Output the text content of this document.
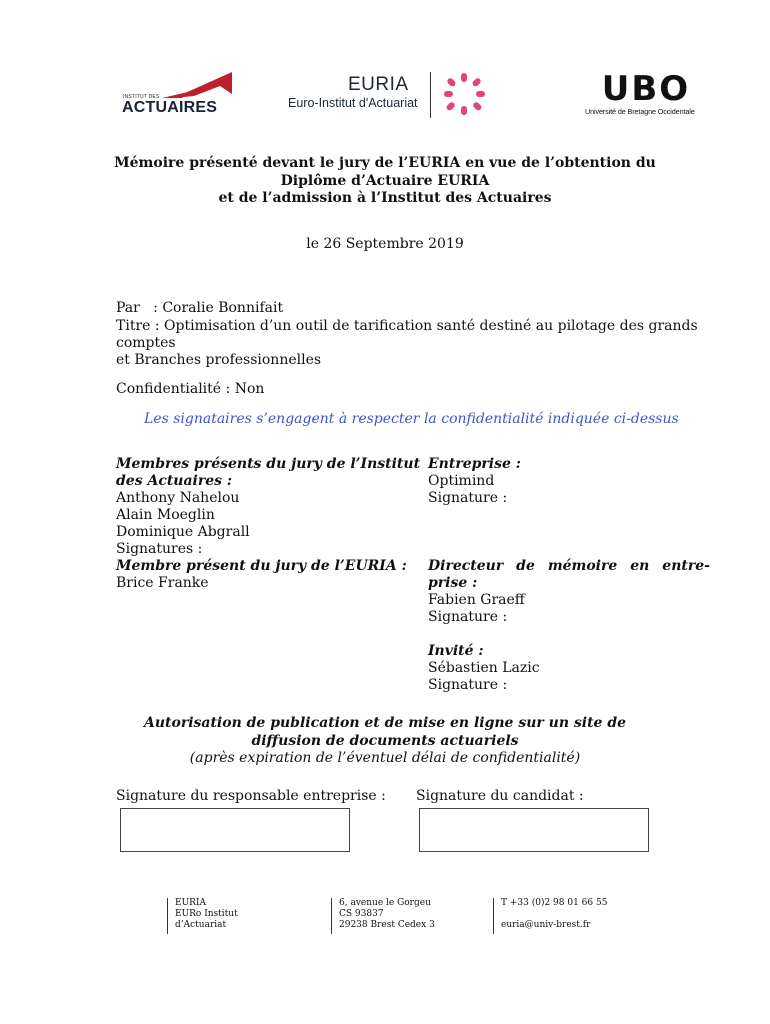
INSTITUT DES
ACTUAIRES
EURIA
Euro-Institut d'Actuariat	UBO
Université de Bretagne Occidentale
Mémoire présenté devant le jury de l’EURIA en vue de l’obtention du
Diplôme d’Actuaire EURIA
et de l’admission à l’Institut des Actuaires
le 26 Septembre 2019
Par   : Coralie Bonnifait
Titre : Optimisation d’un outil de tarification santé destiné au pilotage des grands comptes
et Branches professionnelles
Confidentialité : Non
Les signataires s’engagent à respecter la confidentialité indiquée ci-dessus
Membres présents du jury de l’Institut
des Actuaires :
Anthony Nahelou
Alain Moeglin
Dominique Abgrall
Signatures :
Membre présent du jury de l’EURIA :
Brice Franke
Entreprise :
Optimind
Signature :
Directeur de mémoire en entre-
prise :
Fabien Graeff
Signature :
Invité :
Sébastien Lazic
Signature :
Autorisation de publication et de mise en ligne sur un site de
diffusion de documents actuariels
(après expiration de l’éventuel délai de confidentialité)
Signature du responsable entreprise : Signature du candidat :
EURIA
EURo Institut
d’Actuariat
6, avenue le Gorgeu
CS 93837
29238 Brest Cedex 3
T +33 (0)2 98 01 66 55
euria@univ-brest.fr
